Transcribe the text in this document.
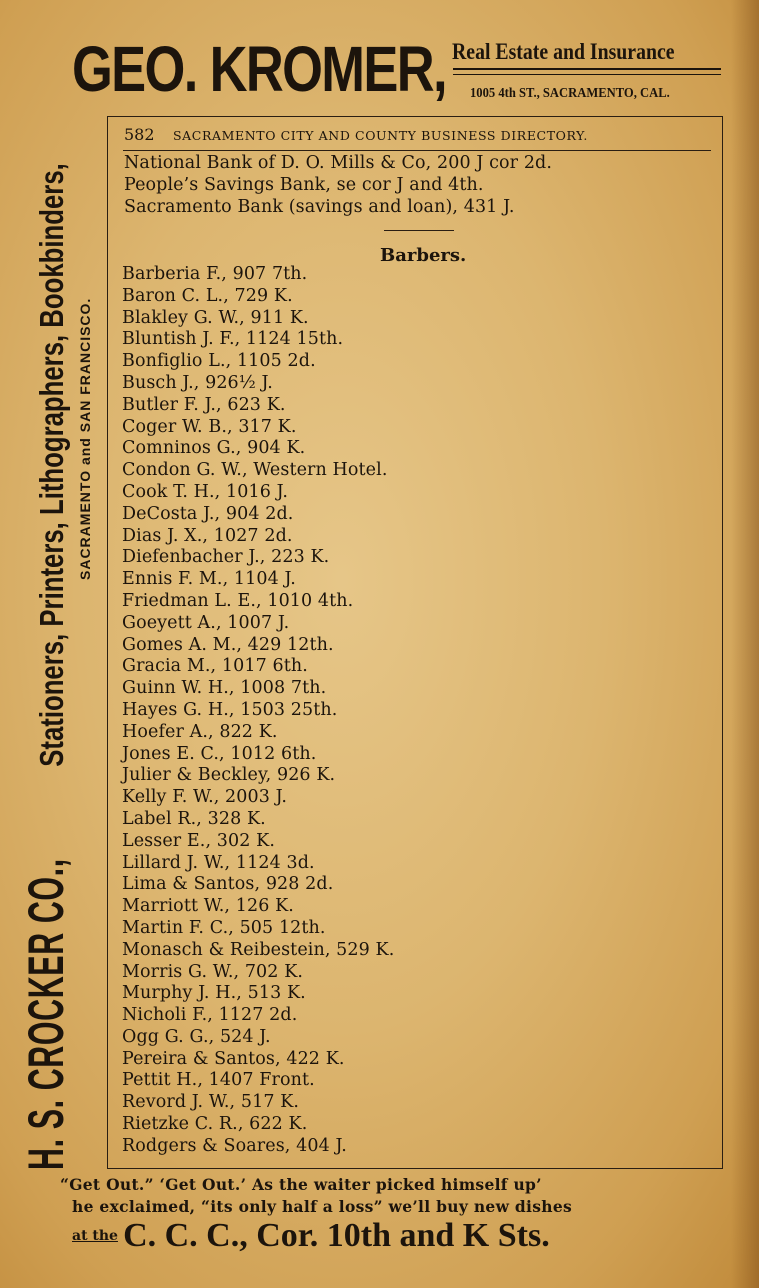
GEO. KROMER, Real Estate and Insurance
1005 4th ST., SACRAMENTO, CAL.
H. S. CROCKER CO., Stationers, Printers, Lithographers, Bookbinders, SACRAMENTO and SAN FRANCISCO.
582 SACRAMENTO CITY AND COUNTY BUSINESS DIRECTORY.
National Bank of D. O. Mills & Co, 200 J cor 2d.
People’s Savings Bank, se cor J and 4th.
Sacramento Bank (savings and loan), 431 J.
Barbers.
Barberia F., 907 7th.
Baron C. L., 729 K.
Blakley G. W., 911 K.
Bluntish J. F., 1124 15th.
Bonfiglio L., 1105 2d.
Busch J., 926½ J.
Butler F. J., 623 K.
Coger W. B., 317 K.
Comninos G., 904 K.
Condon G. W., Western Hotel.
Cook T. H., 1016 J.
DeCosta J., 904 2d.
Dias J. X., 1027 2d.
Diefenbacher J., 223 K.
Ennis F. M., 1104 J.
Friedman L. E., 1010 4th.
Goeyett A., 1007 J.
Gomes A. M., 429 12th.
Gracia M., 1017 6th.
Guinn W. H., 1008 7th.
Hayes G. H., 1503 25th.
Hoefer A., 822 K.
Jones E. C., 1012 6th.
Julier & Beckley, 926 K.
Kelly F. W., 2003 J.
Label R., 328 K.
Lesser E., 302 K.
Lillard J. W., 1124 3d.
Lima & Santos, 928 2d.
Marriott W., 126 K.
Martin F. C., 505 12th.
Monasch & Reibestein, 529 K.
Morris G. W., 702 K.
Murphy J. H., 513 K.
Nicholi F., 1127 2d.
Ogg G. G., 524 J.
Pereira & Santos, 422 K.
Pettit H., 1407 Front.
Revord J. W., 517 K.
Rietzke C. R., 622 K.
Rodgers & Soares, 404 J.
“Get Out.” ‘Get Out.’ As the waiter picked himself up’
he exclaimed, “its only half a loss” we’ll buy new dishes
at the C. C. C., Cor. 10th and K Sts.
